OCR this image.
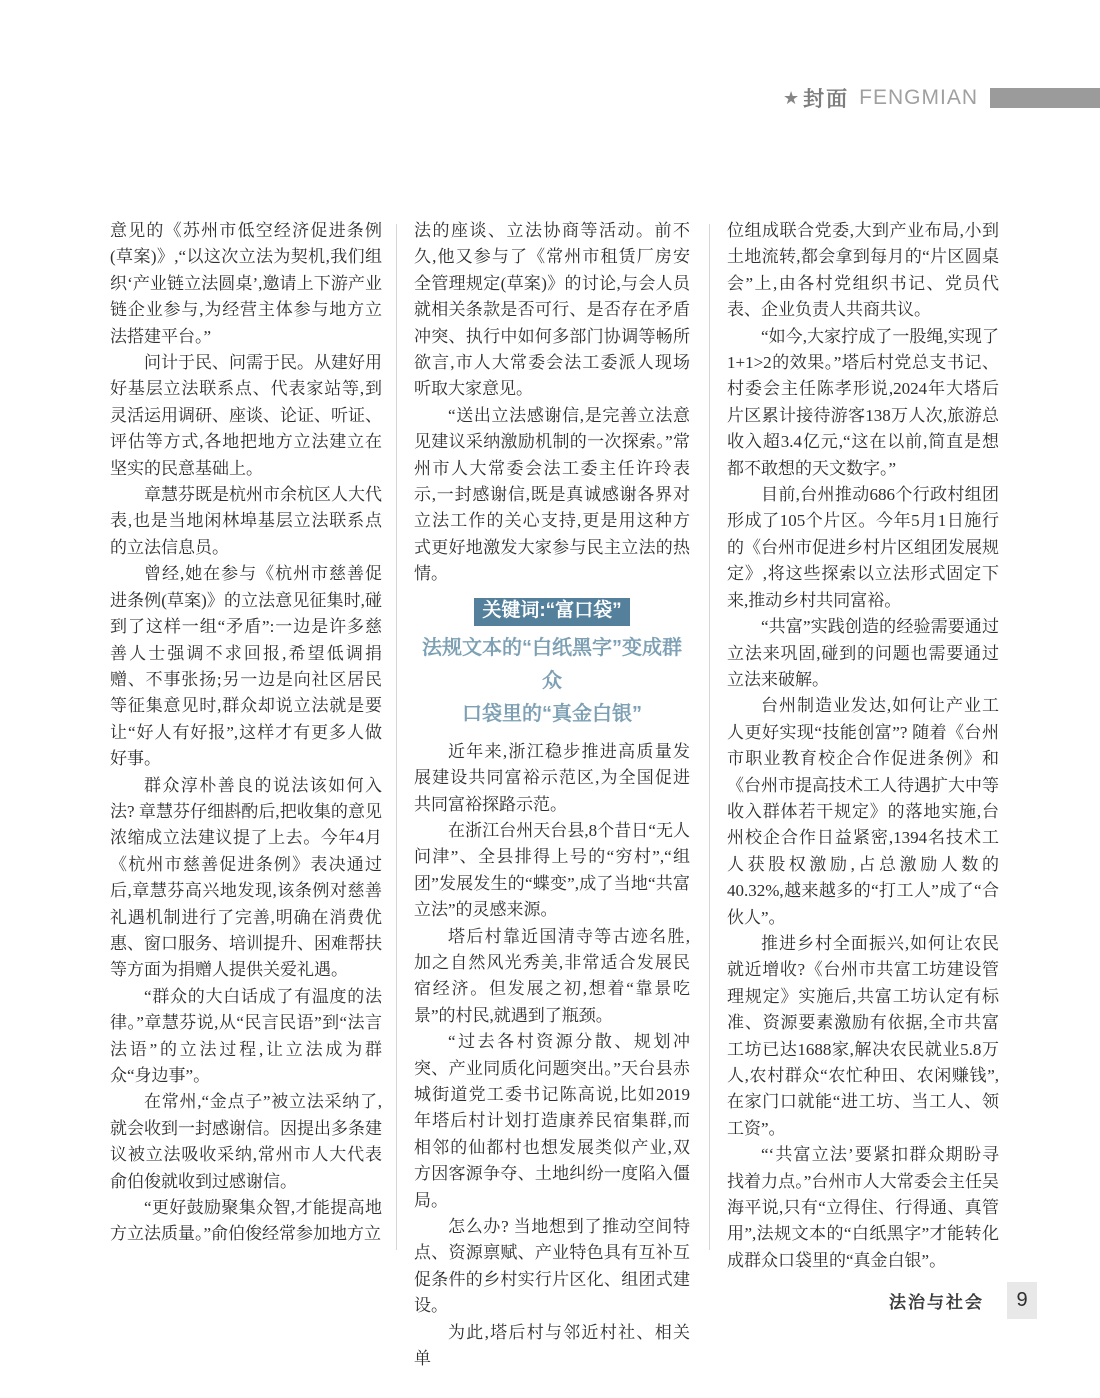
★ 封面 FENGMIAN

意见的《苏州市低空经济促进条例(草案)》,“以这次立法为契机,我们组织‘产业链立法圆桌’,邀请上下游产业链企业参与,为经营主体参与地方立法搭建平台。”

问计于民、问需于民。从建好用好基层立法联系点、代表家站等,到灵活运用调研、座谈、论证、听证、评估等方式,各地把地方立法建立在坚实的民意基础上。

章慧芬既是杭州市余杭区人大代表,也是当地闲林埠基层立法联系点的立法信息员。

曾经,她在参与《杭州市慈善促进条例(草案)》的立法意见征集时,碰到了这样一组“矛盾”:一边是许多慈善人士强调不求回报,希望低调捐赠、不事张扬;另一边是向社区居民等征集意见时,群众却说立法就是要让“好人有好报”,这样才有更多人做好事。

群众淳朴善良的说法该如何入法? 章慧芬仔细斟酌后,把收集的意见浓缩成立法建议提了上去。今年4月《杭州市慈善促进条例》表决通过后,章慧芬高兴地发现,该条例对慈善礼遇机制进行了完善,明确在消费优惠、窗口服务、培训提升、困难帮扶等方面为捐赠人提供关爱礼遇。

“群众的大白话成了有温度的法律。”章慧芬说,从“民言民语”到“法言法语”的立法过程,让立法成为群众“身边事”。

在常州,“金点子”被立法采纳了,就会收到一封感谢信。因提出多条建议被立法吸收采纳,常州市人大代表俞伯俊就收到过感谢信。

“更好鼓励聚集众智,才能提高地方立法质量。”俞伯俊经常参加地方立

法的座谈、立法协商等活动。前不久,他又参与了《常州市租赁厂房安全管理规定(草案)》的讨论,与会人员就相关条款是否可行、是否存在矛盾冲突、执行中如何多部门协调等畅所欲言,市人大常委会法工委派人现场听取大家意见。

“送出立法感谢信,是完善立法意见建议采纳激励机制的一次探索。”常州市人大常委会法工委主任许玲表示,一封感谢信,既是真诚感谢各界对立法工作的关心支持,更是用这种方式更好地激发大家参与民主立法的热情。

关键词:“富口袋”
法规文本的“白纸黑字”变成群众
口袋里的“真金白银”

近年来,浙江稳步推进高质量发展建设共同富裕示范区,为全国促进共同富裕探路示范。

在浙江台州天台县,8个昔日“无人问津”、全县排得上号的“穷村”,“组团”发展发生的“蝶变”,成了当地“共富立法”的灵感来源。

塔后村靠近国清寺等古迹名胜,加之自然风光秀美,非常适合发展民宿经济。但发展之初,想着“靠景吃景”的村民,就遇到了瓶颈。

“过去各村资源分散、规划冲突、产业同质化问题突出。”天台县赤城街道党工委书记陈高说,比如2019年塔后村计划打造康养民宿集群,而相邻的仙都村也想发展类似产业,双方因客源争夺、土地纠纷一度陷入僵局。

怎么办? 当地想到了推动空间特点、资源禀赋、产业特色具有互补互促条件的乡村实行片区化、组团式建设。

为此,塔后村与邻近村社、相关单

位组成联合党委,大到产业布局,小到土地流转,都会拿到每月的“片区圆桌会”上,由各村党组织书记、党员代表、企业负责人共商共议。

“如今,大家拧成了一股绳,实现了1+1>2的效果。”塔后村党总支书记、村委会主任陈孝形说,2024年大塔后片区累计接待游客138万人次,旅游总收入超3.4亿元,“这在以前,简直是想都不敢想的天文数字。”

目前,台州推动686个行政村组团形成了105个片区。今年5月1日施行的《台州市促进乡村片区组团发展规定》,将这些探索以立法形式固定下来,推动乡村共同富裕。

“共富”实践创造的经验需要通过立法来巩固,碰到的问题也需要通过立法来破解。

台州制造业发达,如何让产业工人更好实现“技能创富”? 随着《台州市职业教育校企合作促进条例》和《台州市提高技术工人待遇扩大中等收入群体若干规定》的落地实施,台州校企合作日益紧密,1394名技术工人获股权激励,占总激励人数的40.32%,越来越多的“打工人”成了“合伙人”。

推进乡村全面振兴,如何让农民就近增收?《台州市共富工坊建设管理规定》实施后,共富工坊认定有标准、资源要素激励有依据,全市共富工坊已达1688家,解决农民就业5.8万人,农村群众“农忙种田、农闲赚钱”,在家门口就能“进工坊、当工人、领工资”。

“‘共富立法’要紧扣群众期盼寻找着力点。”台州市人大常委会主任吴海平说,只有“立得住、行得通、真管用”,法规文本的“白纸黑字”才能转化成群众口袋里的“真金白银”。

法治与社会	9
